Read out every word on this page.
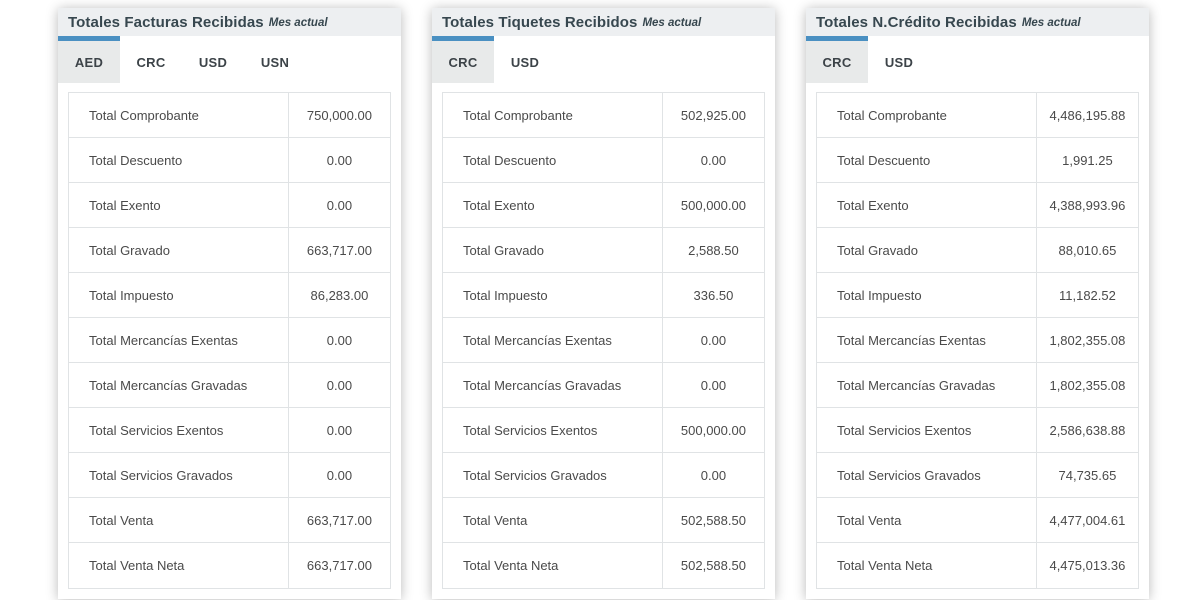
Totales Facturas Recibidas Mes actual
AED	CRC	USD	USN
Total Comprobante	750,000.00
Total Descuento	0.00
Total Exento	0.00
Total Gravado	663,717.00
Total Impuesto	86,283.00
Total Mercancías Exentas	0.00
Total Mercancías Gravadas	0.00
Total Servicios Exentos	0.00
Total Servicios Gravados	0.00
Total Venta	663,717.00
Total Venta Neta	663,717.00
Totales Tiquetes Recibidos Mes actual
CRC	USD
Total Comprobante	502,925.00
Total Descuento	0.00
Total Exento	500,000.00
Total Gravado	2,588.50
Total Impuesto	336.50
Total Mercancías Exentas	0.00
Total Mercancías Gravadas	0.00
Total Servicios Exentos	500,000.00
Total Servicios Gravados	0.00
Total Venta	502,588.50
Total Venta Neta	502,588.50
Totales N.Crédito Recibidas Mes actual
CRC	USD
Total Comprobante	4,486,195.88
Total Descuento	1,991.25
Total Exento	4,388,993.96
Total Gravado	88,010.65
Total Impuesto	11,182.52
Total Mercancías Exentas	1,802,355.08
Total Mercancías Gravadas	1,802,355.08
Total Servicios Exentos	2,586,638.88
Total Servicios Gravados	74,735.65
Total Venta	4,477,004.61
Total Venta Neta	4,475,013.36
